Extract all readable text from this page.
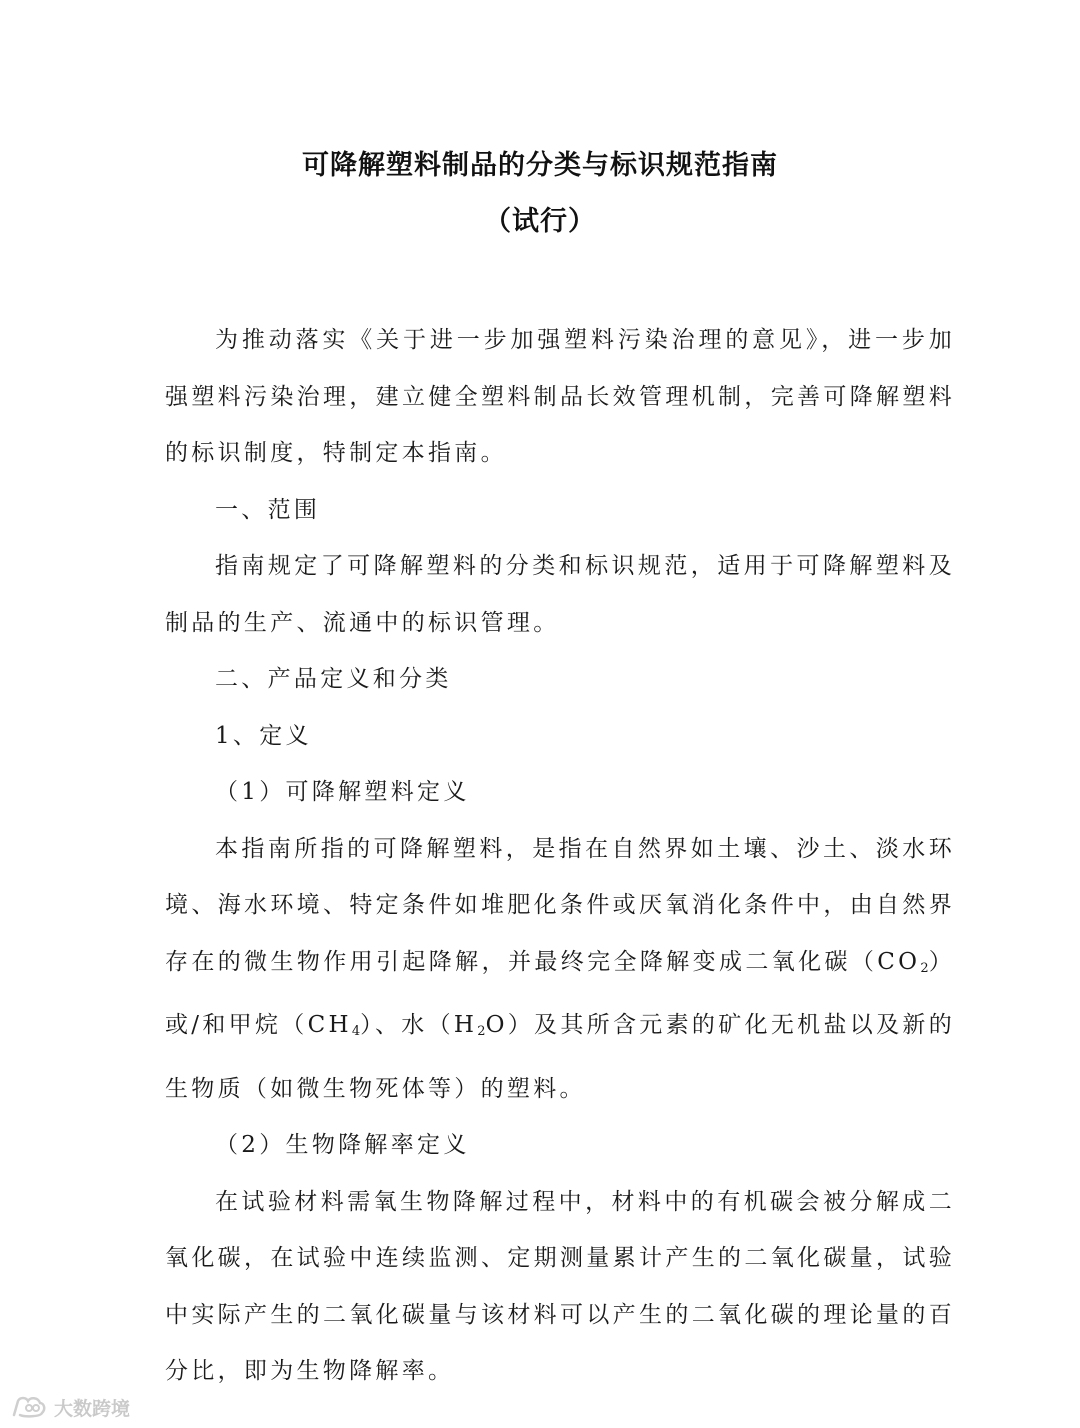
可降解塑料制品的分类与标识规范指南
（试行）

为推动落实《关于进一步加强塑料污染治理的意见》，进一步加强塑料污染治理，建立健全塑料制品长效管理机制，完善可降解塑料的标识制度，特制定本指南。

一、范围

指南规定了可降解塑料的分类和标识规范，适用于可降解塑料及制品的生产、流通中的标识管理。

二、产品定义和分类

1、定义

（1）可降解塑料定义

本指南所指的可降解塑料，是指在自然界如土壤、沙土、淡水环境、海水环境、特定条件如堆肥化条件或厌氧消化条件中，由自然界存在的微生物作用引起降解，并最终完全降解变成二氧化碳$(CO_2)$或/和甲烷$(CH_4)$、水$(H_2O)$及其所含元素的矿化无机盐以及新的生物质（如微生物死体等）的塑料。

（2）生物降解率定义

在试验材料需氧生物降解过程中，材料中的有机碳会被分解成二氧化碳，在试验中连续监测、定期测量累计产生的二氧化碳量，试验中实际产生的二氧化碳量与该材料可以产生的二氧化碳的理论量的百分比，即为生物降解率。

大数跨境
